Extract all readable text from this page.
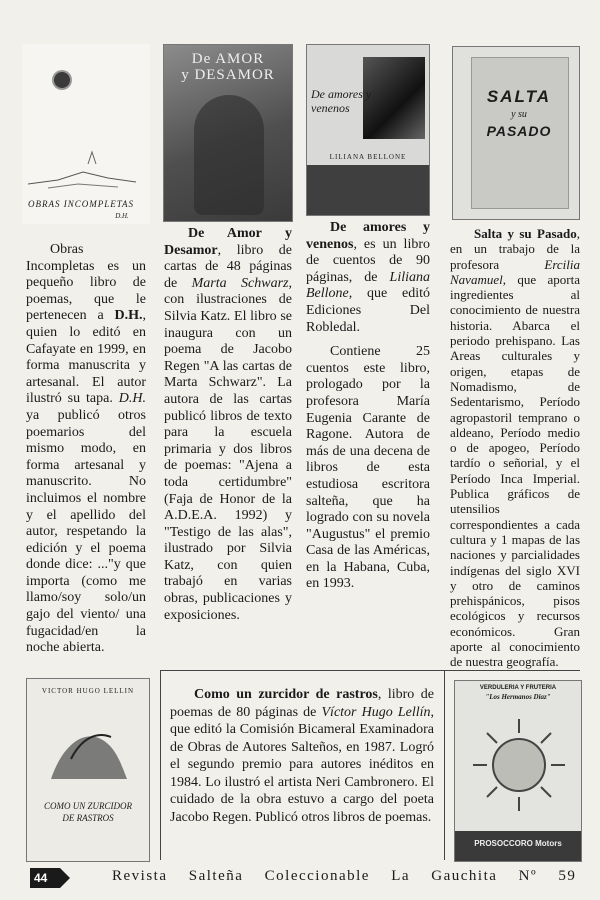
OBRAS INCOMPLETAS
D.H.
De AMOR
y DESAMOR
De amores y venenos
LILIANA BELLONE
SALTA
y su
PASADO
Obras Incompletas es un pequeño libro de poemas, que le pertenecen a D.H., quien lo editó en Cafayate en 1999, en forma manuscrita y artesanal. El autor ilustró su tapa. D.H. ya publicó otros poemarios del mismo modo, en forma artesanal y manuscrito. No incluimos el nombre y el apellido del autor, respetando la edición y el poema donde dice: ..."y que importa (como me llamo/soy solo/un gajo del viento/ una fugacidad/en la noche abierta.
De Amor y Desamor, libro de cartas de 48 páginas de Marta Schwarz, con ilustraciones de Silvia Katz. El libro se inaugura con un poema de Jacobo Regen "A las cartas de Marta Schwarz". La autora de las cartas publicó libros de texto para la escuela primaria y dos libros de poemas: "Ajena a toda certidumbre" (Faja de Honor de la A.D.E.A. 1992) y "Testigo de las alas", ilustrado por Silvia Katz, con quien trabajó en varias obras, publicaciones y exposiciones.
De amores y venenos, es un libro de cuentos de 90 páginas, de Liliana Bellone, que editó Ediciones Del Robledal.
Contiene 25 cuentos este libro, prologado por la profesora María Eugenia Carante de Ragone. Autora de más de una decena de libros de esta estudiosa escritora salteña, que ha logrado con su novela "Augustus" el premio Casa de las Américas, en la Habana, Cuba, en 1993.
Salta y su Pasado, en un trabajo de la profesora	Ercilia Navamuel, que aporta ingredientes al conocimiento de nuestra historia. Abarca el periodo prehispano. Las Areas culturales y origen, etapas de Nomadismo, de Sedentarismo, Período agropastoril temprano o aldeano, Período medio o de apogeo, Período tardío o señorial, y el Período Inca Imperial. Publica gráficos de utensilios correspondientes a cada cultura y 1 mapas de las naciones y parcialidades indígenas del siglo XVI y otro de caminos prehispánicos, pisos ecológicos y recursos económicos. Gran aporte al conocimiento de nuestra geografía.
VICTOR HUGO LELLIN
COMO UN ZURCIDOR
DE RASTROS
Como un zurcidor de rastros, libro de poemas de 80 páginas de Víctor Hugo Lellín, que editó la Comisión Bicameral Examinadora de Obras de Autores Salteños, en 1987. Logró el segundo premio para autores inéditos en 1984. Lo ilustró el artista Neri Cambronero. El cuidado de la obra estuvo a cargo del poeta Jacobo Regen. Publicó otros libros de poemas.
VERDULERIA Y FRUTERIA
"Los Hermanos Diaz"
PROSOCCORO Motors
44	Revista Salteña Coleccionable La Gauchita Nº 59
